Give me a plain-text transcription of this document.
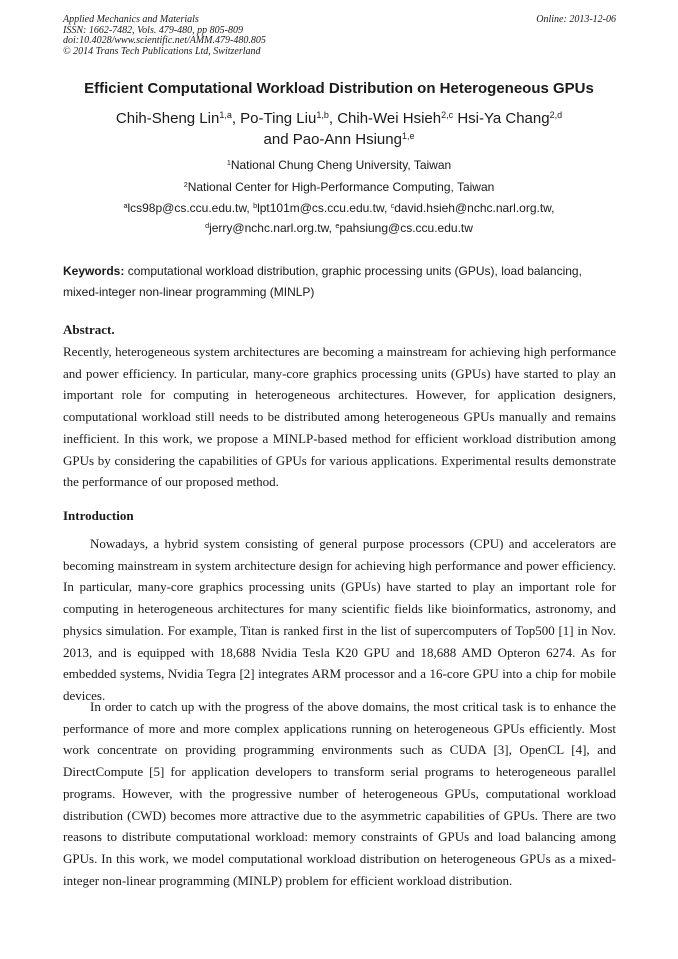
Applied Mechanics and Materials
ISSN: 1662-7482, Vols. 479-480, pp 805-809
doi:10.4028/www.scientific.net/AMM.479-480.805
© 2014 Trans Tech Publications Ltd, Switzerland
Online: 2013-12-06
Efficient Computational Workload Distribution on Heterogeneous GPUs
Chih-Sheng Lin$^{1,a}$, Po-Ting Liu$^{1,b}$, Chih-Wei Hsieh$^{2,c}$ Hsi-Ya Chang$^{2,d}$
and Pao-Ann Hsiung$^{1,e}$
$^1$National Chung Cheng University, Taiwan
$^2$National Center for High-Performance Computing, Taiwan
$^a$lcs98p@cs.ccu.edu.tw, $^b$lpt101m@cs.ccu.edu.tw, $^c$david.hsieh@nchc.narl.org.tw,
$^d$jerry@nchc.narl.org.tw, $^e$pahsiung@cs.ccu.edu.tw
Keywords: computational workload distribution, graphic processing units (GPUs), load balancing, mixed-integer non-linear programming (MINLP)
Abstract.
Recently, heterogeneous system architectures are becoming a mainstream for achieving high performance and power efficiency. In particular, many-core graphics processing units (GPUs) have started to play an important role for computing in heterogeneous architectures. However, for application designers, computational workload still needs to be distributed among heterogeneous GPUs manually and remains inefficient. In this work, we propose a MINLP-based method for efficient workload distribution among GPUs by considering the capabilities of GPUs for various applications. Experimental results demonstrate the performance of our proposed method.
Introduction
Nowadays, a hybrid system consisting of general purpose processors (CPU) and accelerators are becoming mainstream in system architecture design for achieving high performance and power efficiency. In particular, many-core graphics processing units (GPUs) have started to play an important role for computing in heterogeneous architectures for many scientific fields like bioinformatics, astronomy, and physics simulation. For example, Titan is ranked first in the list of supercomputers of Top500 [1] in Nov. 2013, and is equipped with 18,688 Nvidia Tesla K20 GPU and 18,688 AMD Opteron 6274. As for embedded systems, Nvidia Tegra [2] integrates ARM processor and a 16-core GPU into a chip for mobile devices.
In order to catch up with the progress of the above domains, the most critical task is to enhance the performance of more and more complex applications running on heterogeneous GPUs efficiently. Most work concentrate on providing programming environments such as CUDA [3], OpenCL [4], and DirectCompute [5] for application developers to transform serial programs to heterogeneous parallel programs. However, with the progressive number of heterogeneous GPUs, computational workload distribution (CWD) becomes more attractive due to the asymmetric capabilities of GPUs. There are two reasons to distribute computational workload: memory constraints of GPUs and load balancing among GPUs. In this work, we model computational workload distribution on heterogeneous GPUs as a mixed-integer non-linear programming (MINLP) problem for efficient workload distribution.
